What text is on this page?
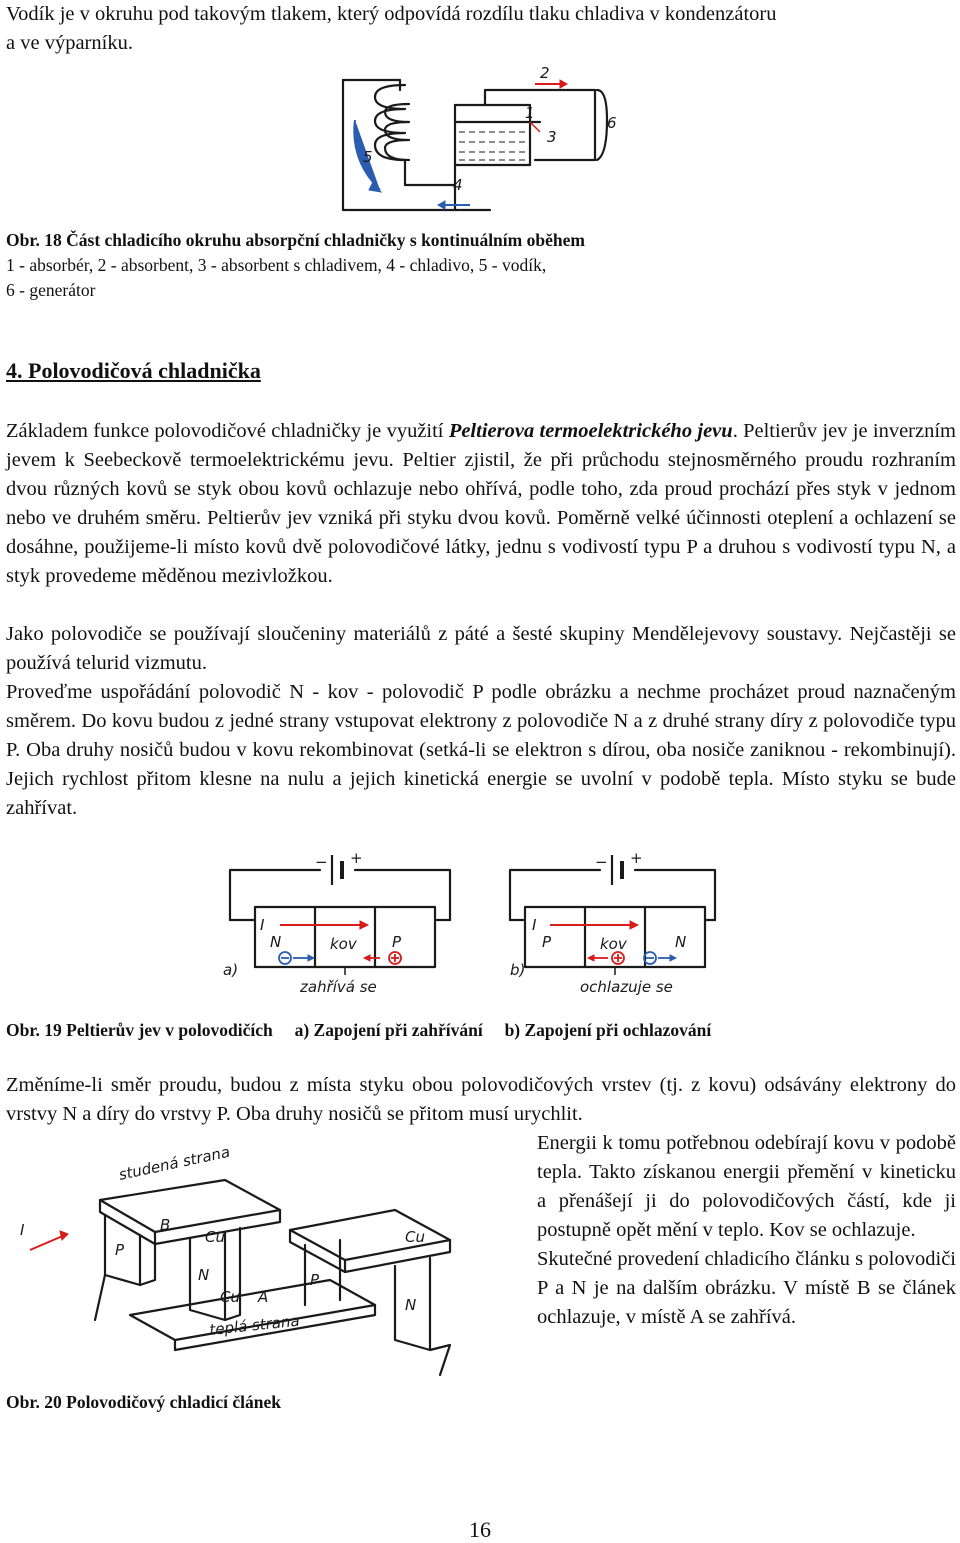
Vodík je v okruhu pod takovým tlakem, který odpovídá rozdílu tlaku chladiva v kondenzátoru
a ve výparníku.
2
1
3
4
5
6
Obr. 18 Část chladicího okruhu absorpční chladničky s kontinuálním oběhem
1 - absorbér, 2 - absorbent, 3 - absorbent s chladivem, 4 - chladivo, 5 - vodík,
6 - generátor
4. Polovodičová chladnička
Základem funkce polovodičové chladničky je využití Peltierova termoelektrického jevu. Peltierův jev je inverzním jevem k Seebeckově termoelektrickému jevu. Peltier zjistil, že při průchodu stejnosměrného proudu rozhraním dvou různých kovů se styk obou kovů ochlazuje nebo ohřívá, podle toho, zda proud prochází přes styk v jednom nebo ve druhém směru. Peltierův jev vzniká při styku dvou kovů. Poměrně velké účinnosti oteplení a ochlazení se dosáhne, použijeme-li místo kovů dvě polovodičové látky, jednu s vodivostí typu P a druhou s vodivostí typu N, a styk provedeme měděnou mezivložkou.
Jako polovodiče se používají sloučeniny materiálů z páté a šesté skupiny Mendělejevovy soustavy. Nejčastěji se používá telurid vizmutu.
Proveďme uspořádání polovodič N - kov - polovodič P podle obrázku a nechme procházet proud naznačeným směrem. Do kovu budou z jedné strany vstupovat elektrony z polovodiče N a z druhé strany díry z polovodiče typu P. Oba druhy nosičů budou v kovu rekombinovat (setká-li se elektron s dírou, oba nosiče zaniknou - rekombinují). Jejich rychlost přitom klesne na nulu a jejich kinetická energie se uvolní v podobě tepla. Místo styku se bude zahřívat.
− +
I
N	kov P
a)
zahřívá se
− +
I
P	kov	N
b)
ochlazuje se
Obr. 19 Peltierův jev v polovodičích     a) Zapojení při zahřívání     b) Zapojení při ochlazování
Změníme-li směr proudu, budou z místa styku obou polovodičových vrstev (tj. z kovu) odsávány elektrony do vrstvy N a díry do vrstvy P. Oba druhy nosičů se přitom musí urychlit.
Energii k tomu potřebnou odebírají kovu v podobě tepla. Takto získanou energii přemění v kineticku a přenášejí ji do polovodičových částí, kde ji postupně opět mění v teplo. Kov se ochlazuje.
Skutečné provedení chladicího článku s polovodiči P a N je na dalším obrázku. V místě B se článek ochlazuje, v místě A se zahřívá.
I
studená strana
B
Cu
P
N
Cu A
P
Cu
N
teplá strana
Obr. 20 Polovodičový chladicí článek
16
